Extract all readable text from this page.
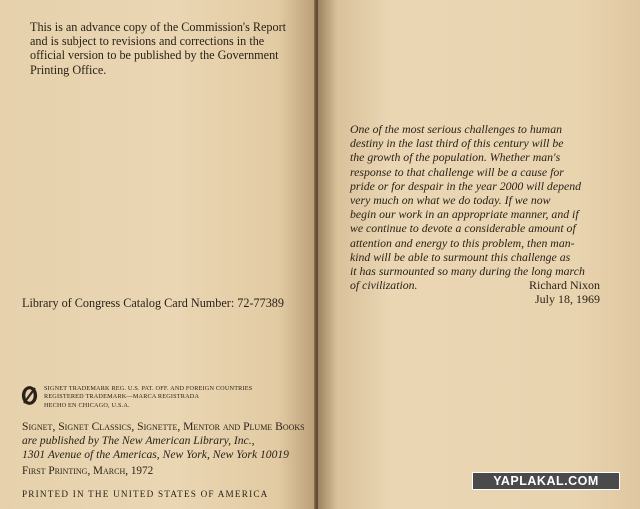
This is an advance copy of the Commission's Report and is subject to revisions and corrections in the official version to be published by the Government Printing Office.
Library of Congress Catalog Card Number: 72-77389
SIGNET TRADEMARK REG. U.S. PAT. OFF. AND FOREIGN COUNTRIES
REGISTERED TRADEMARK—MARCA REGISTRADA
HECHO EN CHICAGO, U.S.A.
Signet, Signet Classics, Signette, Mentor and Plume Books
are published by The New American Library, Inc.,
1301 Avenue of the Americas, New York, New York 10019
First Printing, March, 1972
PRINTED IN THE UNITED STATES OF AMERICA
One of the most serious challenges to human
destiny in the last third of this century will be
the growth of the population. Whether man's
response to that challenge will be a cause for
pride or for despair in the year 2000 will depend
very much on what we do today. If we now
begin our work in an appropriate manner, and if
we continue to devote a considerable amount of
attention and energy to this problem, then man-
kind will be able to surmount this challenge as
it has surmounted so many during the long march
of civilization.	Richard Nixon
July 18, 1969
YAPLAKAL.COM
